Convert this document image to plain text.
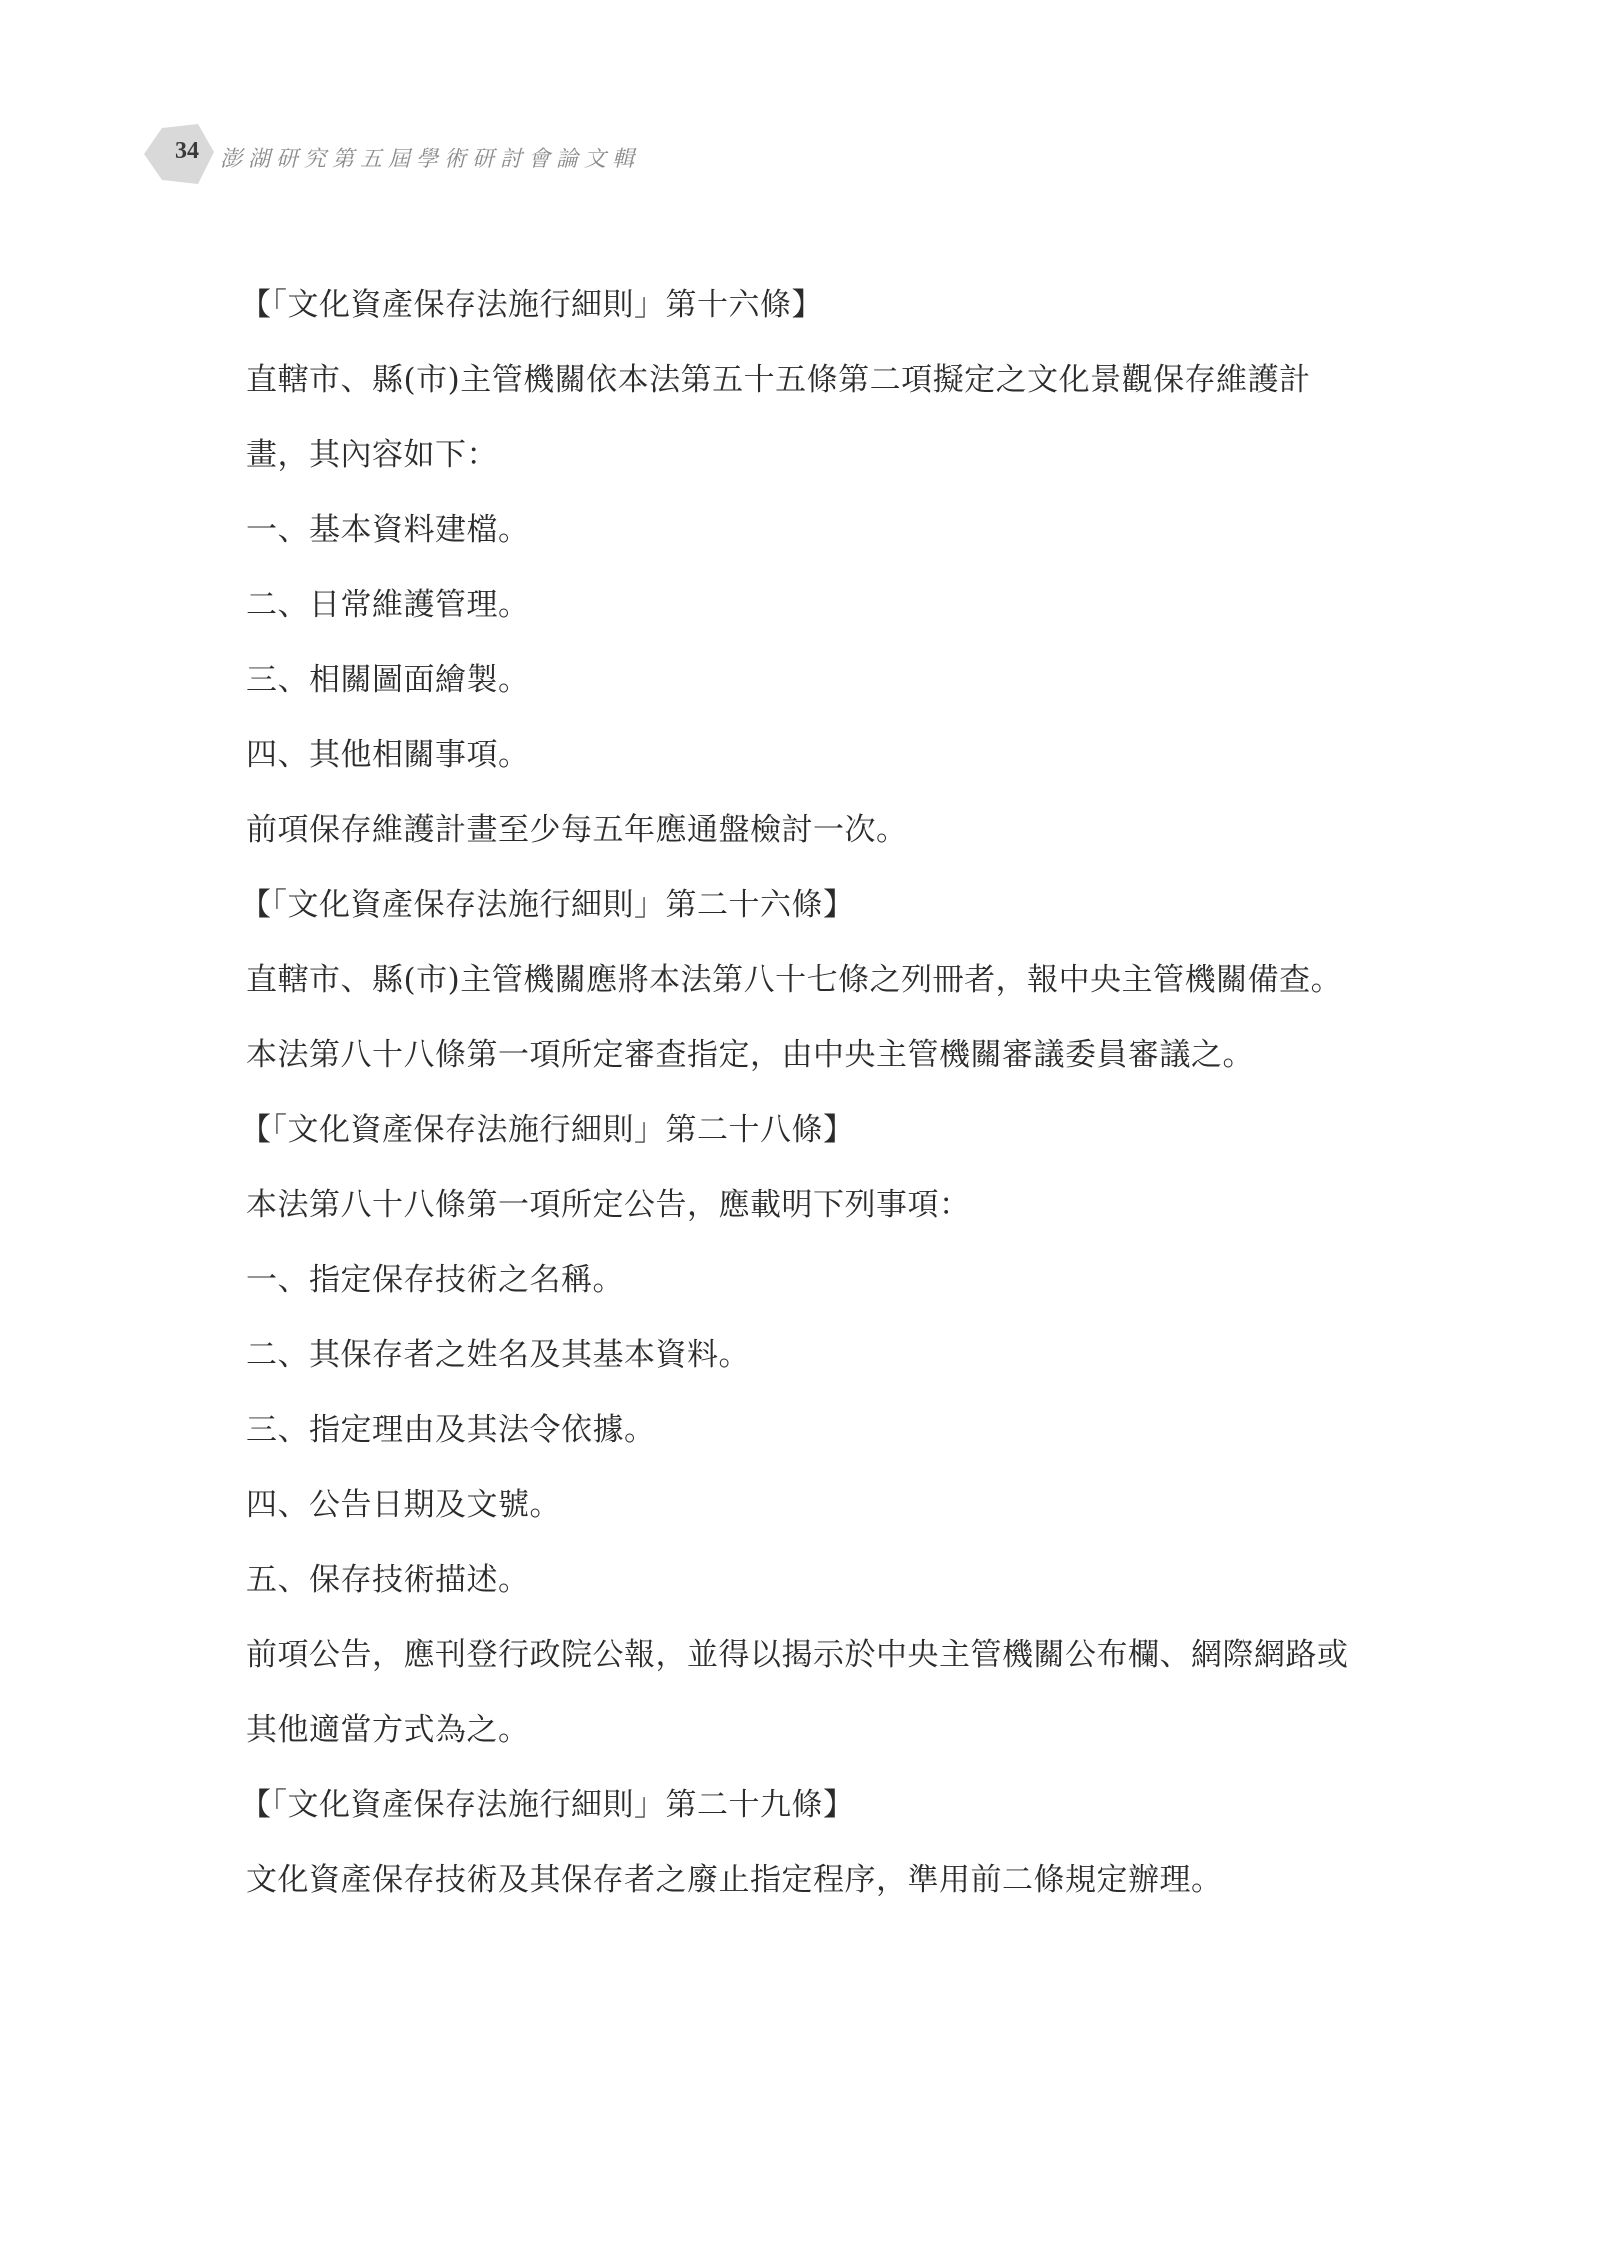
34 澎湖研究第五屆學術研討會論文輯
【「文化資產保存法施行細則」第十六條】
直轄市、縣(市)主管機關依本法第五十五條第二項擬定之文化景觀保存維護計
畫，其內容如下：
一、基本資料建檔。
二、日常維護管理。
三、相關圖面繪製。
四、其他相關事項。
前項保存維護計畫至少每五年應通盤檢討一次。
【「文化資產保存法施行細則」第二十六條】
直轄市、縣(市)主管機關應將本法第八十七條之列冊者，報中央主管機關備查。
本法第八十八條第一項所定審查指定，由中央主管機關審議委員審議之。
【「文化資產保存法施行細則」第二十八條】
本法第八十八條第一項所定公告，應載明下列事項：
一、指定保存技術之名稱。
二、其保存者之姓名及其基本資料。
三、指定理由及其法令依據。
四、公告日期及文號。
五、保存技術描述。
前項公告，應刊登行政院公報，並得以揭示於中央主管機關公布欄、網際網路或
其他適當方式為之。
【「文化資產保存法施行細則」第二十九條】
文化資產保存技術及其保存者之廢止指定程序，準用前二條規定辦理。
